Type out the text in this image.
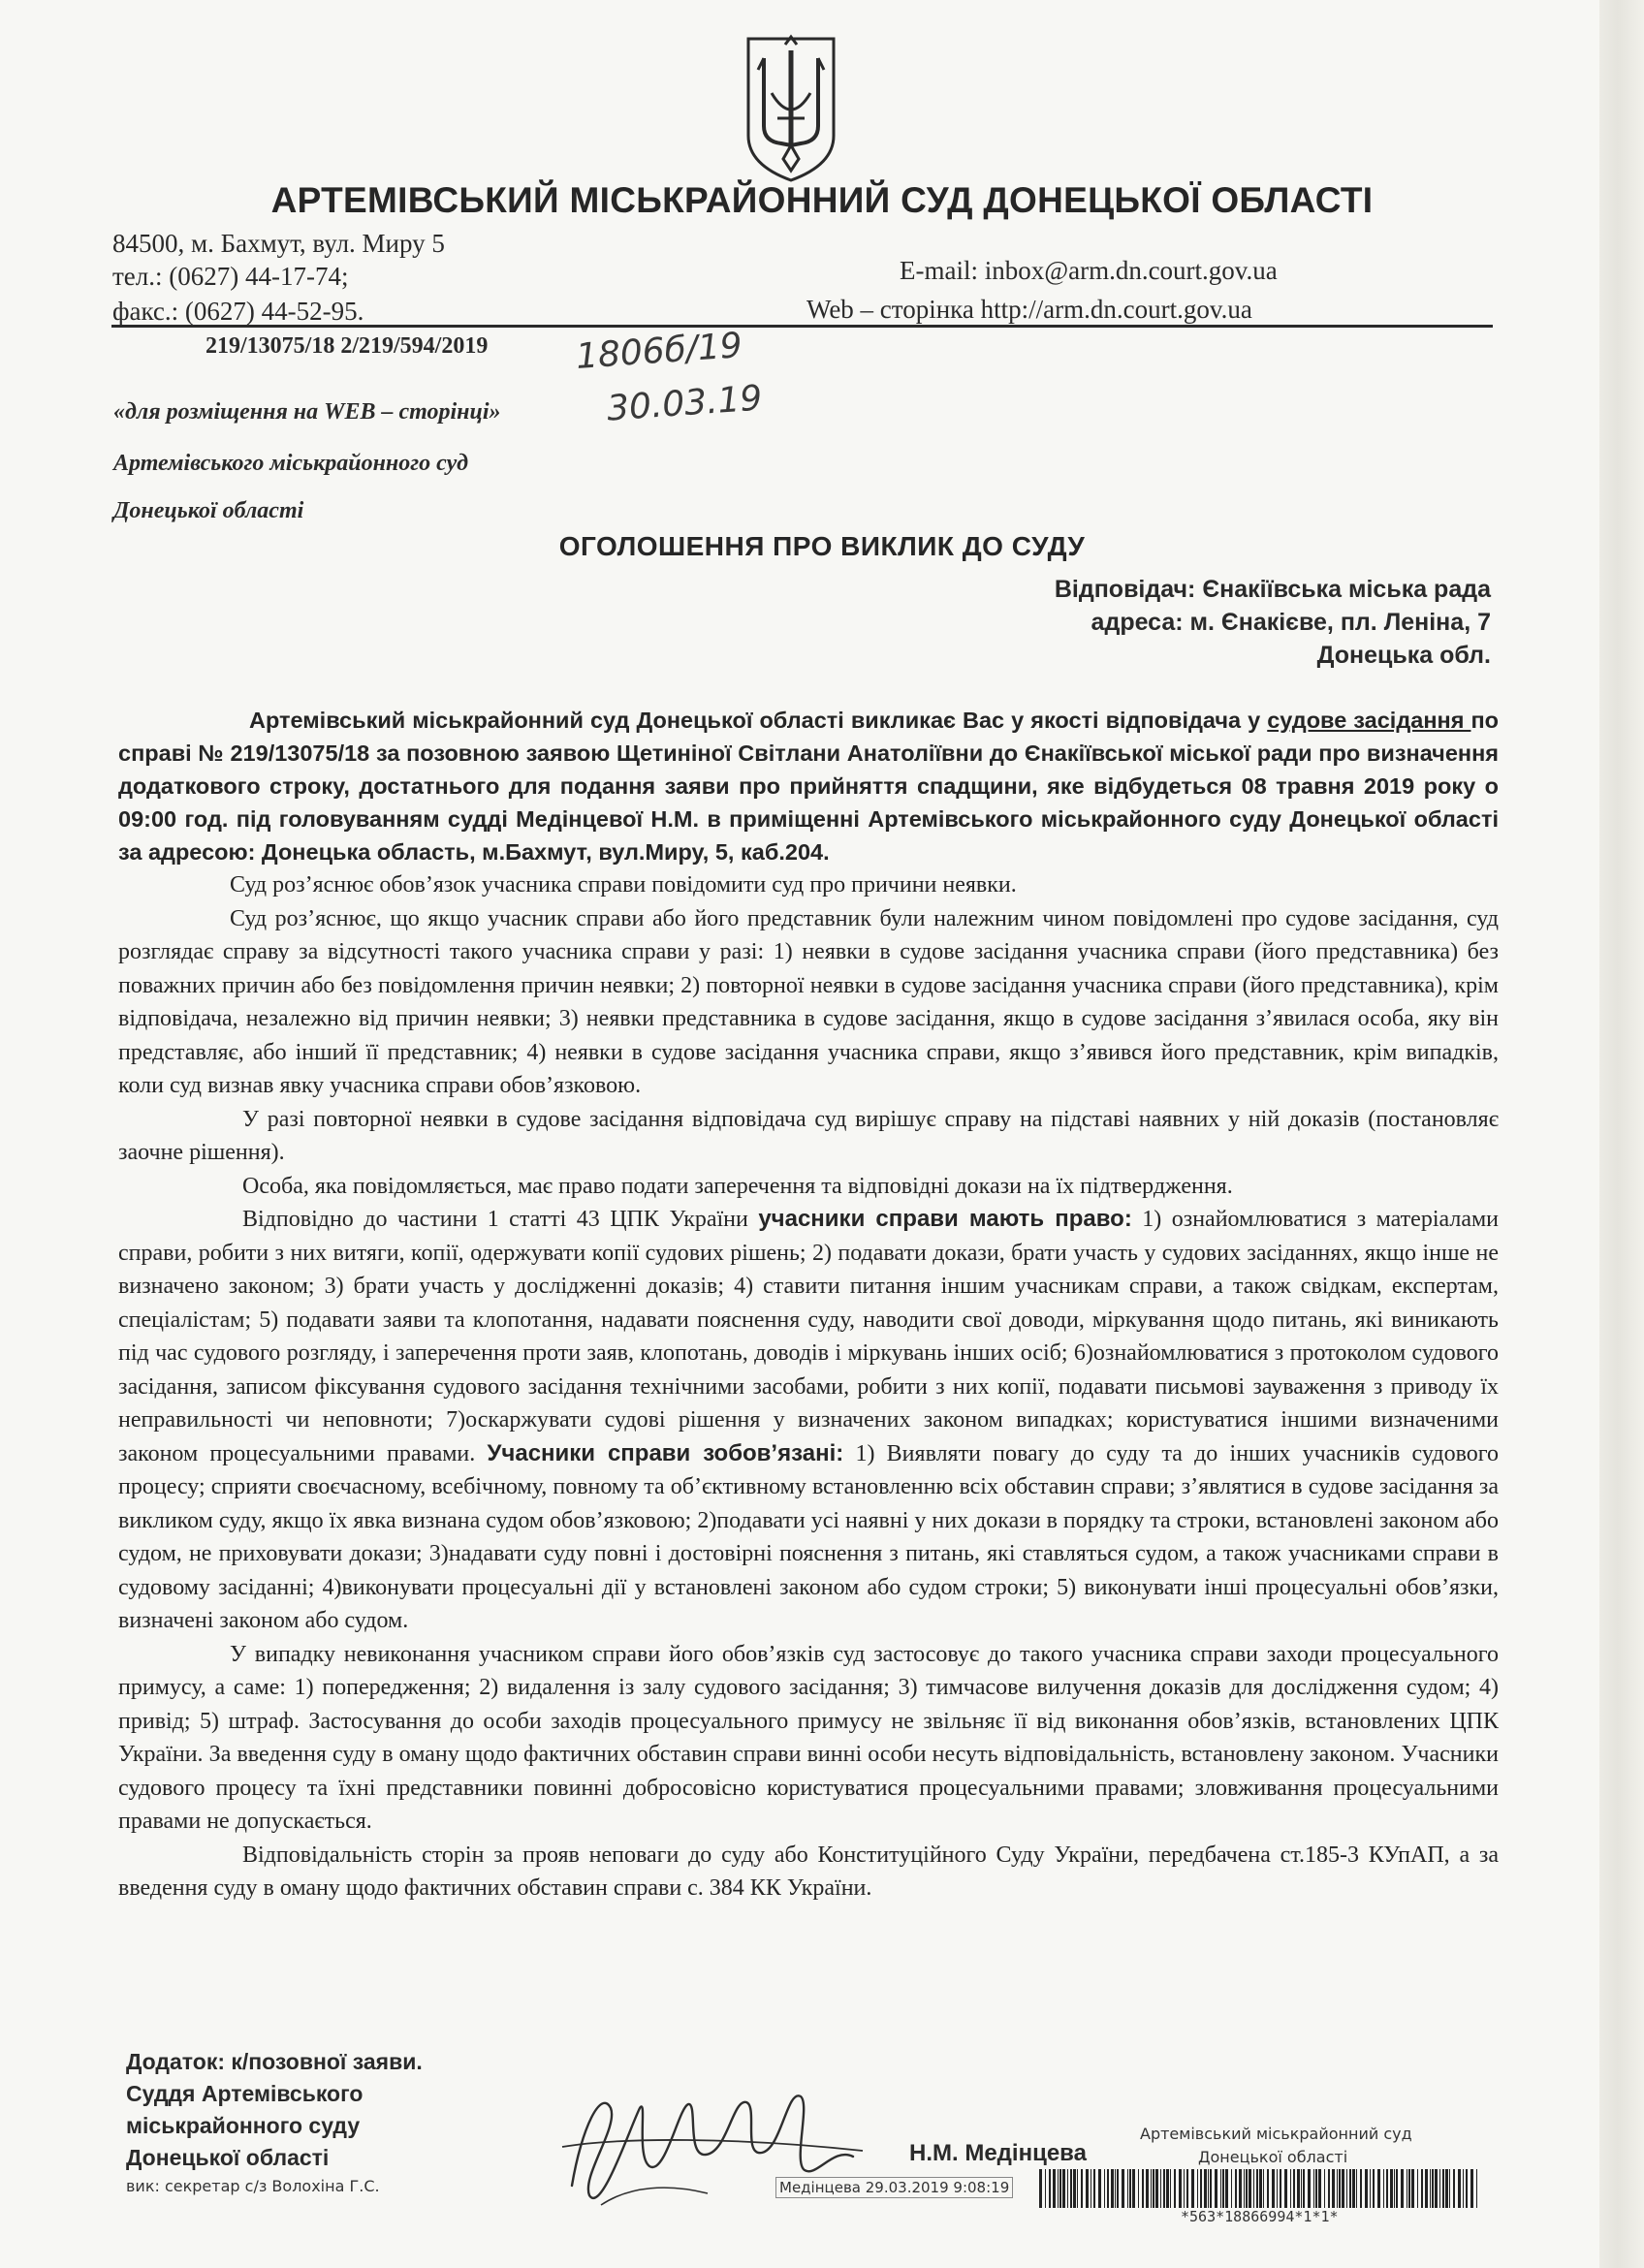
АРТЕМІВСЬКИЙ МІСЬКРАЙОННИЙ СУД ДОНЕЦЬКОЇ ОБЛАСТІ
84500, м. Бахмут, вул. Миру 5
тел.: (0627) 44-17-74;
факс.: (0627) 44-52-95.
E-mail: inbox@arm.dn.court.gov.ua
Web – сторінка http://arm.dn.court.gov.ua
219/13075/18 2/219/594/2019 1806б/19
30.03.19
«для розміщення на WEB – сторінці»
Артемівського міськрайонного суд
Донецької області
ОГОЛОШЕННЯ ПРО ВИКЛИК ДО СУДУ
Відповідач: Єнакіївська міська рада
адреса: м. Єнакієве, пл. Леніна, 7
Донецька обл.

Артемівський міськрайонний суд Донецької області викликає Вас у якості відповідача у судове засідання по справі № 219/13075/18 за позовною заявою Щетиніної Світлани Анатоліївни до Єнакіївської міської ради про визначення додаткового строку, достатнього для подання заяви про прийняття спадщини, яке відбудеться 08 травня 2019 року о 09:00 год. під головуванням судді Медінцевої Н.М. в приміщенні Артемівського міськрайонного суду Донецької області за адресою: Донецька область, м.Бахмут, вул.Миру, 5, каб.204.

Суд роз’яснює обов’язок учасника справи повідомити суд про причини неявки.

Суд роз’яснює, що якщо учасник справи або його представник були належним чином повідомлені про судове засідання, суд розглядає справу за відсутності такого учасника справи у разі: 1) неявки в судове засідання учасника справи (його представника) без поважних причин або без повідомлення причин неявки; 2) повторної неявки в судове засідання учасника справи (його представника), крім відповідача, незалежно від причин неявки; 3) неявки представника в судове засідання, якщо в судове засідання з’явилася особа, яку він представляє, або інший її представник; 4) неявки в судове засідання учасника справи, якщо з’явився його представник, крім випадків, коли суд визнав явку учасника справи обов’язковою.

У разі повторної неявки в судове засідання відповідача суд вирішує справу на підставі наявних у ній доказів (постановляє заочне рішення).

Особа, яка повідомляється, має право подати заперечення та відповідні докази на їх підтвердження.

Відповідно до частини 1 статті 43 ЦПК України учасники справи мають право: 1) ознайомлюватися з матеріалами справи, робити з них витяги, копії, одержувати копії судових рішень; 2) подавати докази, брати участь у судових засіданнях, якщо інше не визначено законом; 3) брати участь у дослідженні доказів; 4) ставити питання іншим учасникам справи, а також свідкам, експертам, спеціалістам; 5) подавати заяви та клопотання, надавати пояснення суду, наводити свої доводи, міркування щодо питань, які виникають під час судового розгляду, і заперечення проти заяв, клопотань, доводів і міркувань інших осіб; 6)ознайомлюватися з протоколом судового засідання, записом фіксування судового засідання технічними засобами, робити з них копії, подавати письмові зауваження з приводу їх неправильності чи неповноти; 7)оскаржувати судові рішення у визначених законом випадках; користуватися іншими визначеними законом процесуальними правами. Учасники справи зобов’язані: 1) Виявляти повагу до суду та до інших учасників судового процесу; сприяти своєчасному, всебічному, повному та об’єктивному встановленню всіх обставин справи; з’являтися в судове засідання за викликом суду, якщо їх явка визнана судом обов’язковою; 2)подавати усі наявні у них докази в порядку та строки, встановлені законом або судом, не приховувати докази; 3)надавати суду повні і достовірні пояснення з питань, які ставляться судом, а також учасниками справи в судовому засіданні; 4)виконувати процесуальні дії у встановлені законом або судом строки; 5) виконувати інші процесуальні обов’язки, визначені законом або судом.

У випадку невиконання учасником справи його обов’язків суд застосовує до такого учасника справи заходи процесуального примусу, а саме: 1) попередження; 2) видалення із залу судового засідання; 3) тимчасове вилучення доказів для дослідження судом; 4) привід; 5) штраф. Застосування до особи заходів процесуального примусу не звільняє її від виконання обов’язків, встановлених ЦПК України. За введення суду в оману щодо фактичних обставин справи винні особи несуть відповідальність, встановлену законом. Учасники судового процесу та їхні представники повинні добросовісно користуватися процесуальними правами; зловживання процесуальними правами не допускається.

Відповідальність сторін за прояв неповаги до суду або Конституційного Суду України, передбачена ст.185-3 КУпАП, а за введення суду в оману щодо фактичних обставин справи с. 384 КК України.

Додаток: к/позовної заяви.
Суддя Артемівського
міськрайонного суду
Донецької області
вик: секретар с/з Волохіна Г.С.
Н.М. Медінцева
Артемівський міськрайонний суд
Донецької області
Медінцева 29.03.2019 9:08:19
*563*18866994*1*1*
